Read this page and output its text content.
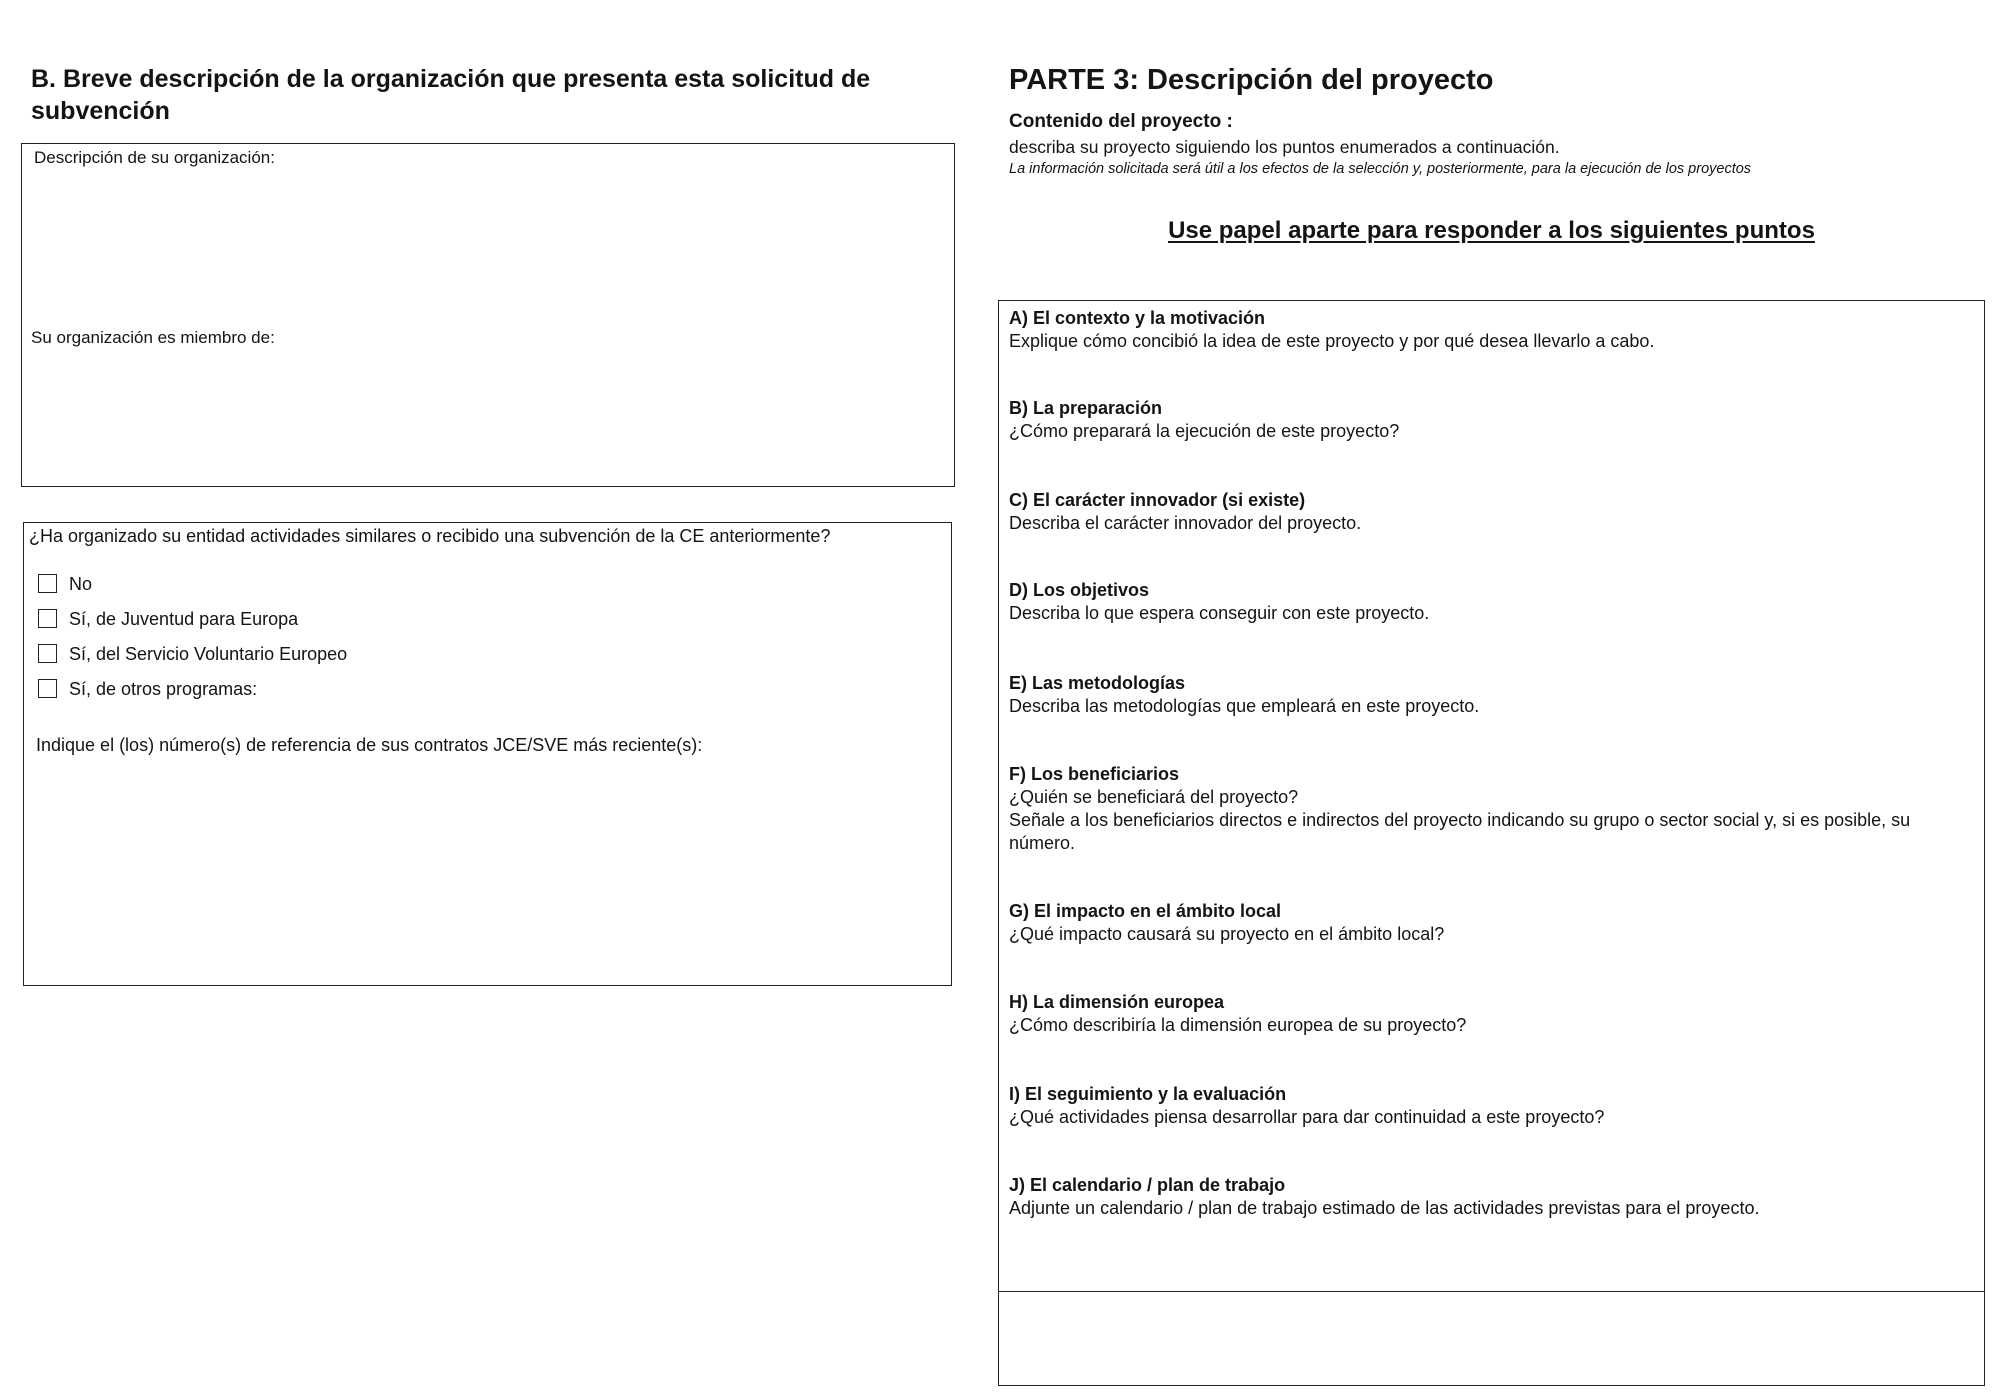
B. Breve descripción de la organización que presenta esta solicitud de subvención
Descripción de su organización:
Su organización es miembro de:
¿Ha organizado su entidad actividades similares o recibido una subvención de la CE anteriormente?
No
Sí, de Juventud para Europa
Sí, del Servicio Voluntario Europeo
Sí, de otros programas:
Indique el (los) número(s) de referencia de sus contratos JCE/SVE más reciente(s):
PARTE 3: Descripción del proyecto
Contenido del proyecto :
describa su proyecto siguiendo los puntos enumerados a continuación.
La información solicitada será útil a los efectos de la selección y, posteriormente, para la ejecución de los proyectos
Use papel aparte para responder a los siguientes puntos
A) El contexto y la motivación
Explique cómo concibió la idea de este proyecto y por qué desea llevarlo a cabo.
B) La preparación
¿Cómo preparará la ejecución de este proyecto?
C) El carácter innovador (si existe)
Describa el carácter innovador del proyecto.
D) Los objetivos
Describa lo que espera conseguir con este proyecto.
E) Las metodologías
Describa las metodologías que empleará en este proyecto.
F) Los beneficiarios
¿Quién se beneficiará del proyecto?
Señale a los beneficiarios directos e indirectos del proyecto indicando su grupo o sector social y, si es posible, su número.
G) El impacto en el ámbito local
¿Qué impacto causará su proyecto en el ámbito local?
H) La dimensión europea
¿Cómo describiría la dimensión europea de su proyecto?
I) El seguimiento y la evaluación
¿Qué actividades piensa desarrollar para dar continuidad a este proyecto?
J) El calendario / plan de trabajo
Adjunte un calendario / plan de trabajo estimado de las actividades previstas para el proyecto.
